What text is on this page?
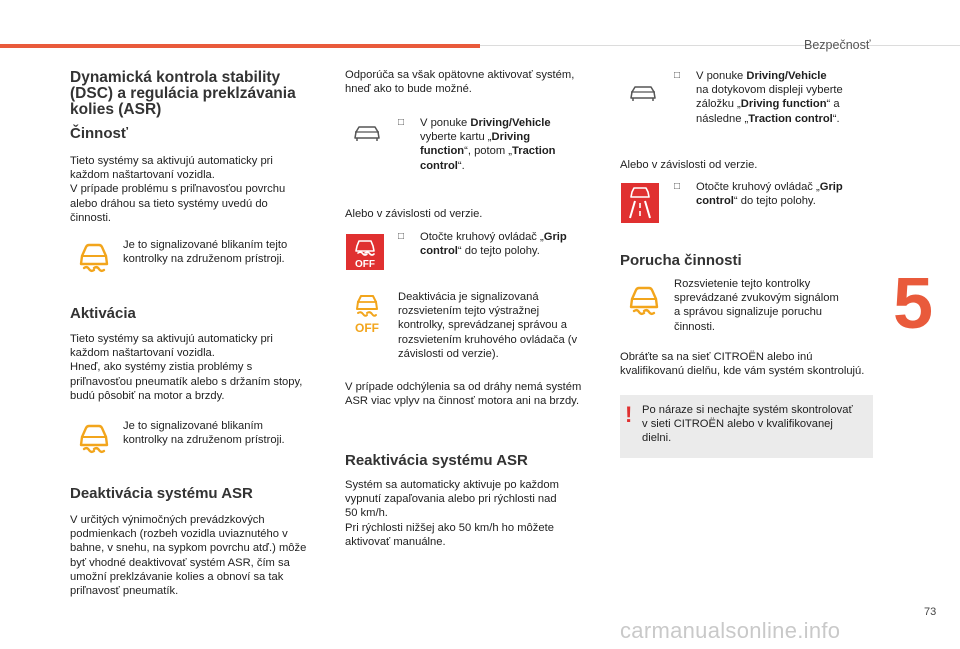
Bezpečnosť
5
Dynamická kontrola stability
(DSC) a regulácia preklzávania
kolies (ASR)
Činnosť
Tieto systémy sa aktivujú automaticky pri
každom naštartovaní vozidla.
V prípade problému s priľnavosťou povrchu
alebo dráhou sa tieto systémy uvedú do
činnosti.
Je to signalizované blikaním tejto
kontrolky na združenom prístroji.
Aktivácia
Tieto systémy sa aktivujú automaticky pri
každom naštartovaní vozidla.
Hneď, ako systémy zistia problémy s
priľnavosťou pneumatík alebo s držaním stopy,
budú pôsobiť na motor a brzdy.
Je to signalizované blikaním
kontrolky na združenom prístroji.
Deaktivácia systému ASR
V určitých výnimočných prevádzkových
podmienkach (rozbeh vozidla uviaznutého v
bahne, v snehu, na sypkom povrchu atď.) môže
byť vhodné deaktivovať systém ASR, čím sa
umožní preklzávanie kolies a obnoví sa tak
priľnavosť pneumatík.
Odporúča sa však opätovne aktivovať systém,
hneď ako to bude možné.
□ V ponuke Driving/Vehicle
vyberte kartu „Driving
function“, potom „Traction
control“.
Alebo v závislosti od verzie.
OFF
□ Otočte kruhový ovládač „Grip
control“ do tejto polohy.
OFF
Deaktivácia je signalizovaná
rozsvietením tejto výstražnej
kontrolky, sprevádzanej správou a
rozsvietením kruhového ovládača (v
závislosti od verzie).
V prípade odchýlenia sa od dráhy nemá systém
ASR viac vplyv na činnosť motora ani na brzdy.
Reaktivácia systému ASR
Systém sa automaticky aktivuje po každom
vypnutí zapaľovania alebo pri rýchlosti nad
50 km/h.
Pri rýchlosti nižšej ako 50 km/h ho môžete
aktivovať manuálne.
□ V ponuke Driving/Vehicle
na dotykovom displeji vyberte
záložku „Driving function“ a
následne „Traction control“.
Alebo v závislosti od verzie.
□ Otočte kruhový ovládač „Grip
control“ do tejto polohy.
Porucha činnosti
Rozsvietenie tejto kontrolky
sprevádzané zvukovým signálom
a správou signalizuje poruchu
činnosti.
Obráťte sa na sieť CITROËN alebo inú
kvalifikovanú dielňu, kde vám systém skontrolujú.
! Po náraze si nechajte systém skontrolovať
v sieti CITROËN alebo v kvalifikovanej
dielni.
73
carmanualsonline.info
